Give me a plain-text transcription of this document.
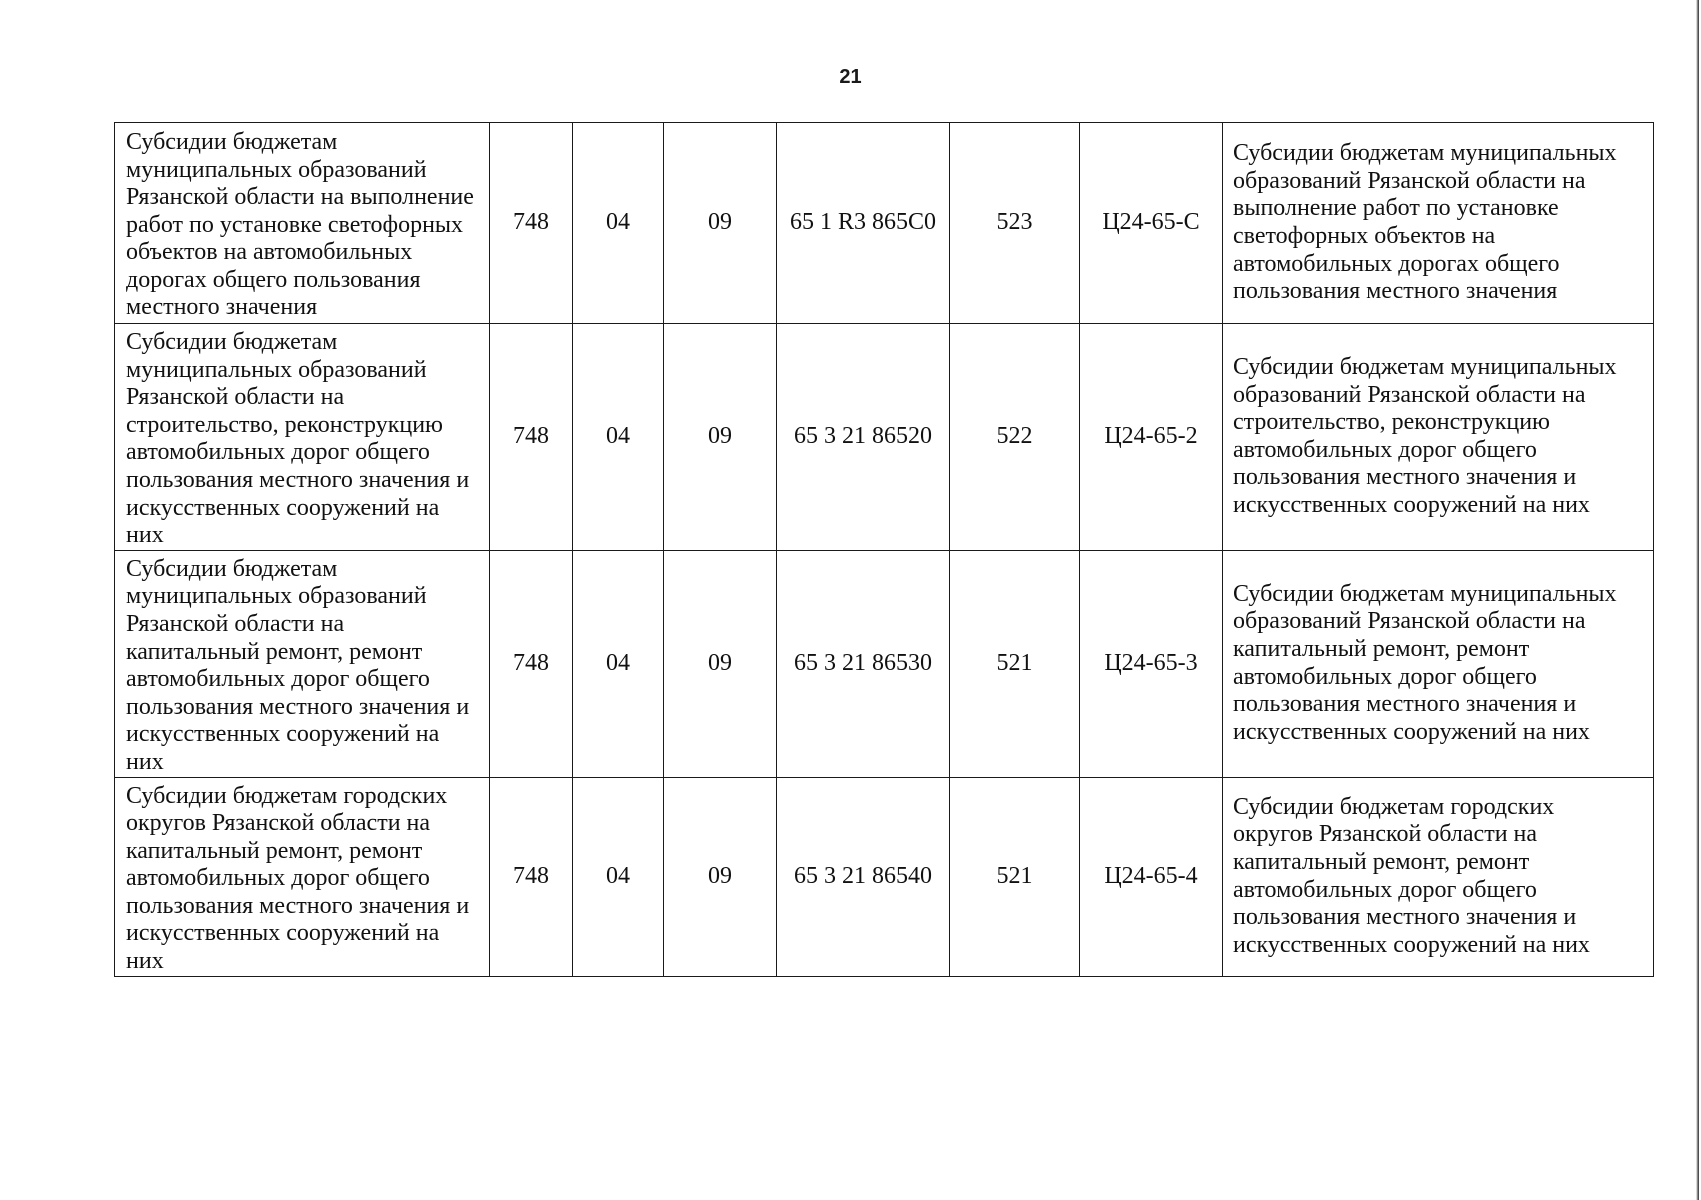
21
Субсидии бюджетам муниципальных образований Рязанской области на выполнение работ по установке светофорных объектов на автомобильных дорогах общего пользования местного значения	748	04	09	65 1 R3 865C0	523	Ц24-65-С	Субсидии бюджетам муниципальных образований Рязанской области на выполнение работ по установке светофорных объектов на автомобильных дорогах общего пользования местного значения
Субсидии бюджетам муниципальных образований Рязанской области на строительство, реконструкцию автомобильных дорог общего пользования местного значения и искусственных сооружений на них	748	04	09	65 3 21 86520	522	Ц24-65-2	Субсидии бюджетам муниципальных образований Рязанской области на строительство, реконструкцию автомобильных дорог общего пользования местного значения и искусственных сооружений на них
Субсидии бюджетам муниципальных образований Рязанской области на капитальный ремонт, ремонт автомобильных дорог общего пользования местного значения и искусственных сооружений на них	748	04	09	65 3 21 86530	521	Ц24-65-3	Субсидии бюджетам муниципальных образований Рязанской области на капитальный ремонт, ремонт автомобильных дорог общего пользования местного значения и искусственных сооружений на них
Субсидии бюджетам городских округов Рязанской области на капитальный ремонт, ремонт автомобильных дорог общего пользования местного значения и искусственных сооружений на них	748	04	09	65 3 21 86540	521	Ц24-65-4	Субсидии бюджетам городских округов Рязанской области на капитальный ремонт, ремонт автомобильных дорог общего пользования местного значения и искусственных сооружений на них
